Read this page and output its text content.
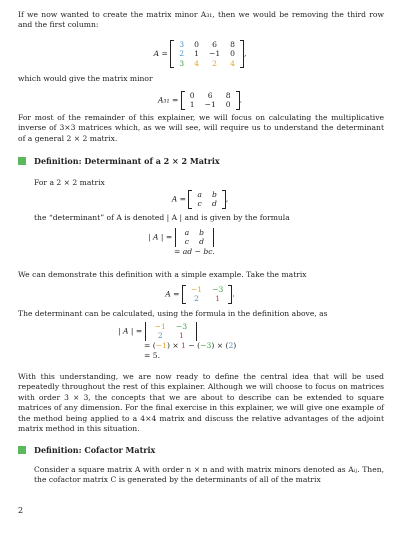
If we now wanted to create the matrix minor A₃₁, then we would be removing the third row and the first column:

A =
3	0	6	8
2	1	−1	0
3	4	2	4
,

which would give the matrix minor

A₃₁ = 0	6	8
1	−1	0
.

For most of the remainder of this explainer, we will focus on calculating the multiplicative inverse of 3×3 matrices which, as we will see, will require us to understand the determinant of a general 2 × 2 matrix.

Definition: Determinant of a 2 × 2 Matrix

For a 2 × 2 matrix

A = a	b
c	d
,

the “determinant” of A is denoted | A | and is given by the formula

| A | = a	b
c	d
= ad − bc.

We can demonstrate this definition with a simple example. Take the matrix

A = −1	−3
2	1
.

The determinant can be calculated, using the formula in the definition above, as

| A | = −1	−3
2	1
= (−1) × 1 − (−3) × (2)
= 5.

With this understanding, we are now ready to define the central idea that will be used repeatedly throughout the rest of this explainer. Although we will choose to focus on matrices with order 3 × 3, the concepts that we are about to describe can be extended to square matrices of any dimension. For the final exercise in this explainer, we will give one example of the method being applied to a 4×4 matrix and discuss the relative advantages of the adjoint matrix method in this situation.

Definition: Cofactor Matrix

Consider a square matrix A with order n × n and with matrix minors denoted as Aᵢⱼ. Then, the cofactor matrix C is generated by the determinants of all of the matrix

2
